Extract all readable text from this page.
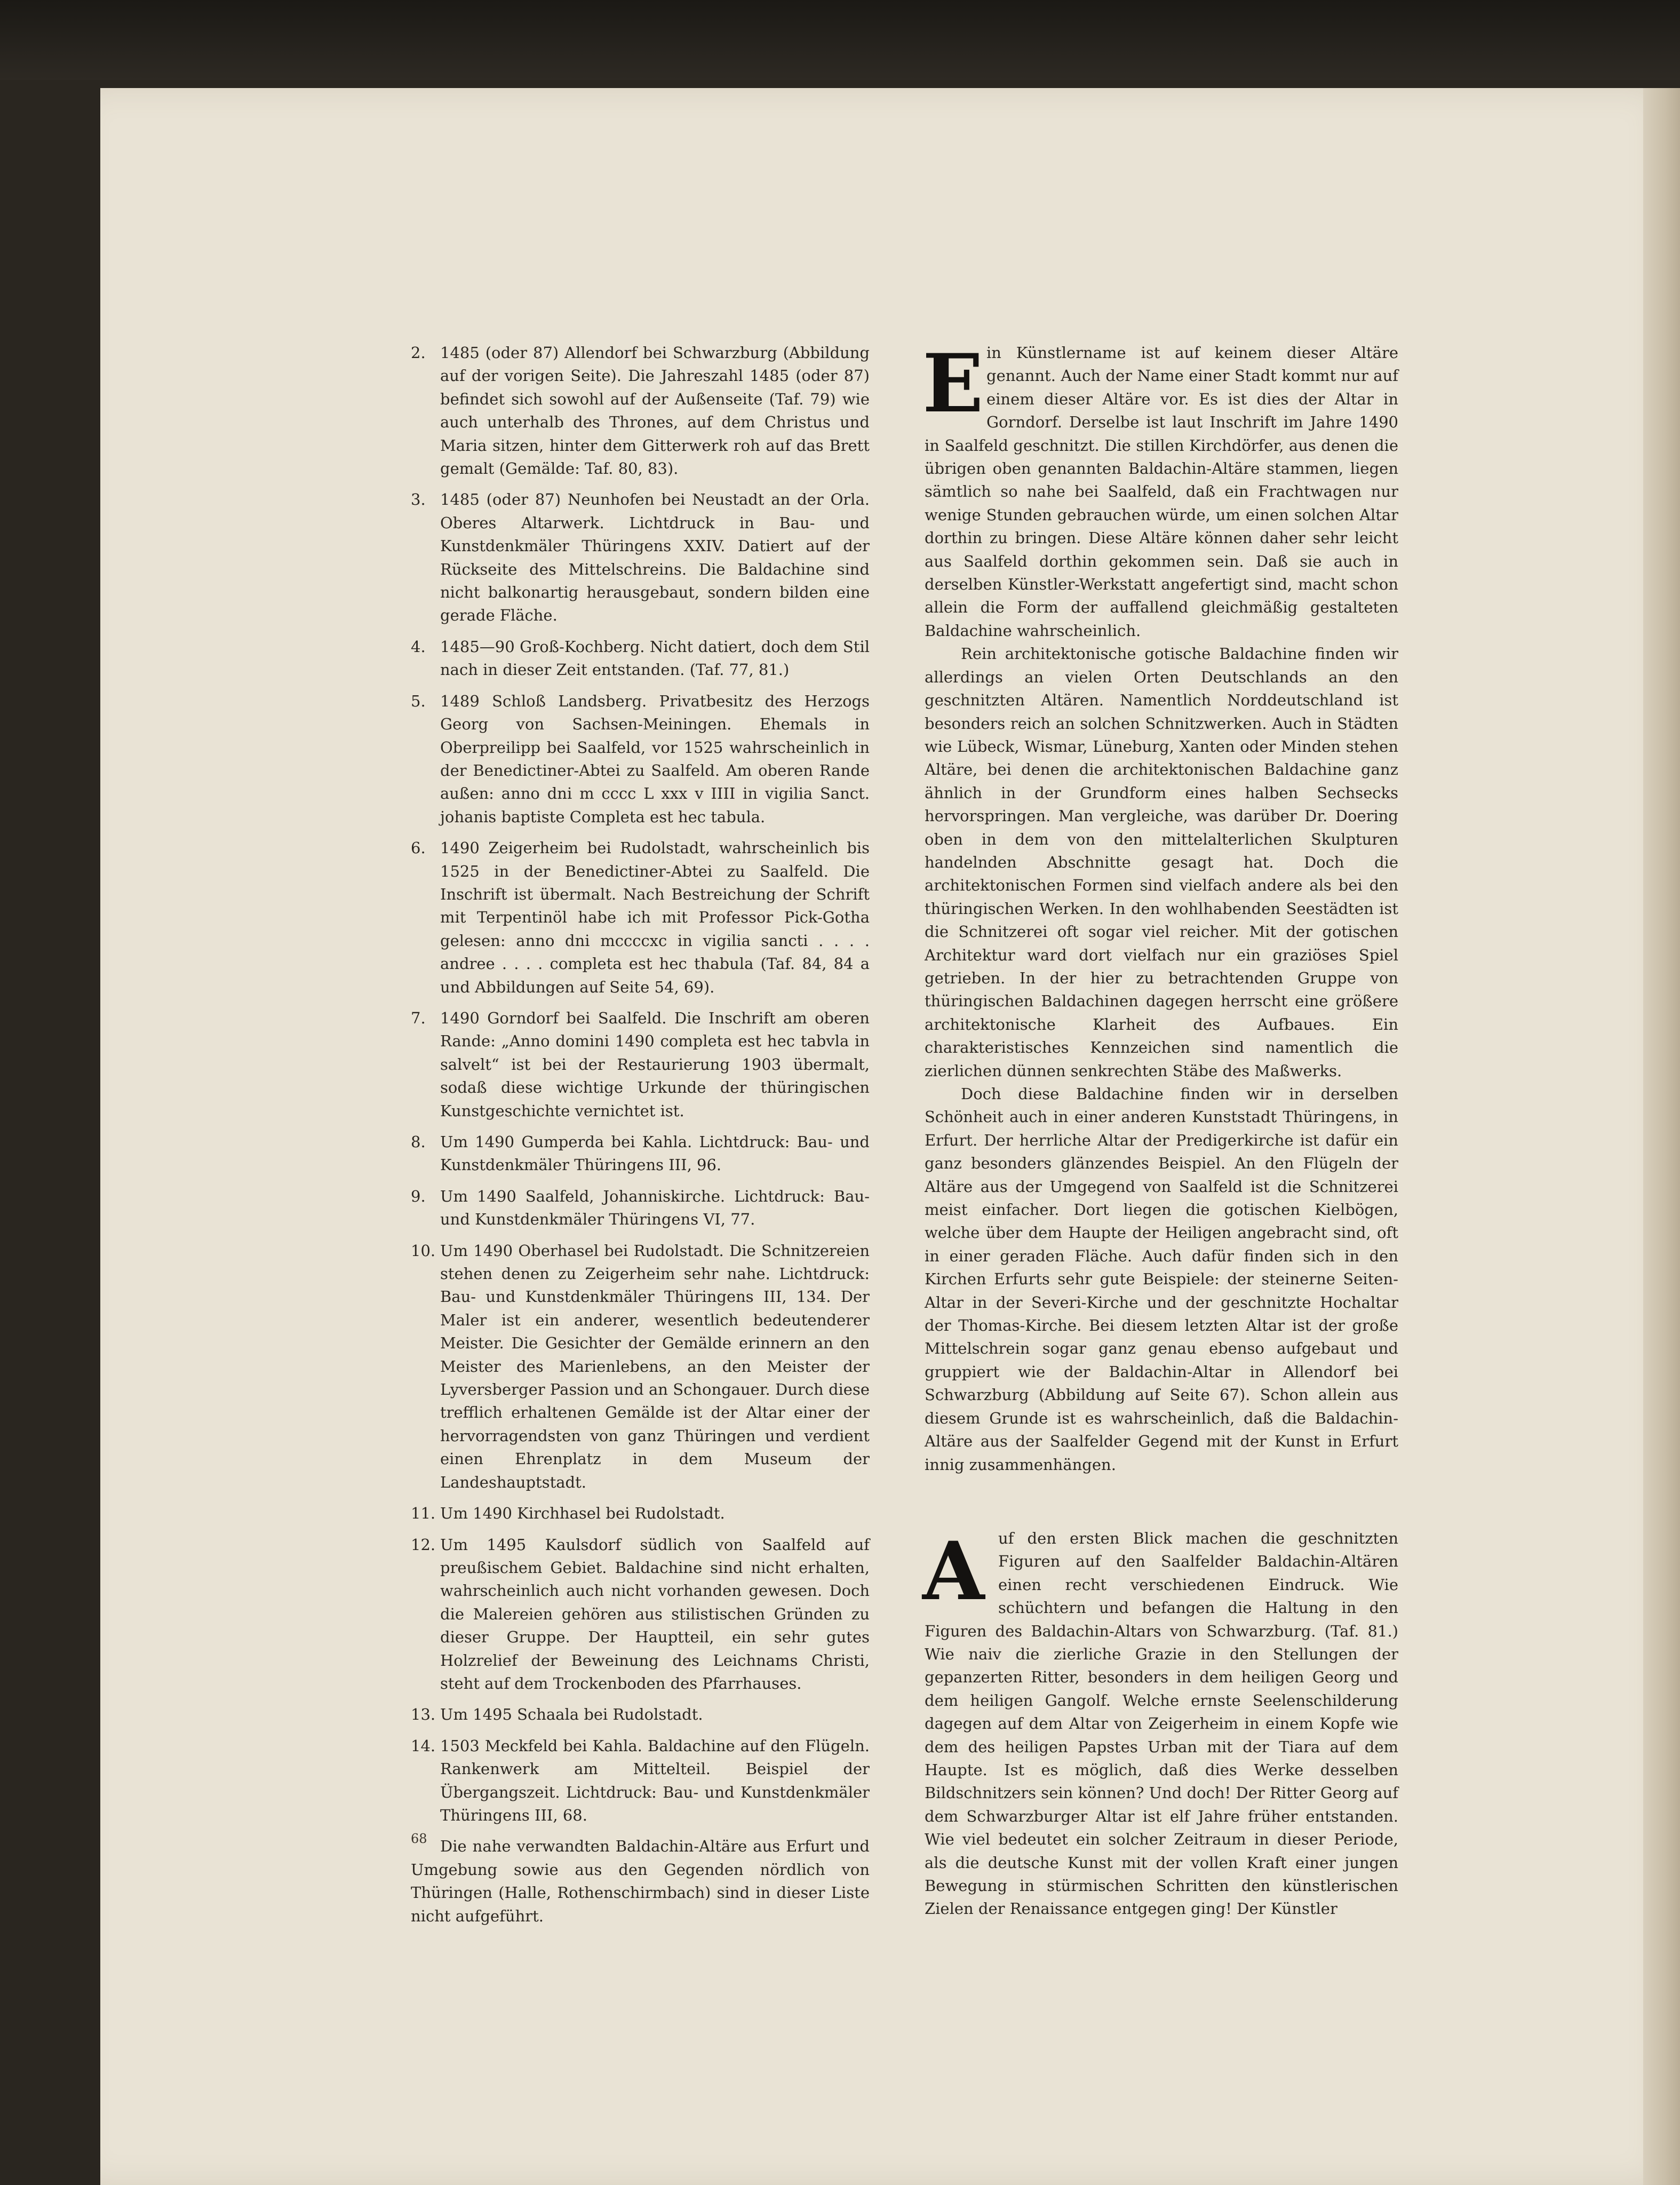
2. 1485 (oder 87) Allendorf bei Schwarzburg (Abbildung auf der vorigen Seite). Die Jahreszahl 1485 (oder 87) befindet sich sowohl auf der Außenseite (Taf. 79) wie auch unterhalb des Thrones, auf dem Christus und Maria sitzen, hinter dem Gitterwerk roh auf das Brett gemalt (Gemälde: Taf. 80, 83).
3. 1485 (oder 87) Neunhofen bei Neustadt an der Orla. Oberes Altarwerk. Lichtdruck in Bau- und Kunstdenkmäler Thüringens XXIV. Datiert auf der Rückseite des Mittelschreins. Die Baldachine sind nicht balkonartig herausgebaut, sondern bilden eine gerade Fläche.
4. 1485—90 Groß-Kochberg. Nicht datiert, doch dem Stil nach in dieser Zeit entstanden. (Taf. 77, 81.)
5. 1489 Schloß Landsberg. Privatbesitz des Herzogs Georg von Sachsen-Meiningen. Ehemals in Oberpreilipp bei Saalfeld, vor 1525 wahrscheinlich in der Benedictiner-Abtei zu Saalfeld. Am oberen Rande außen: anno dni m cccc L xxx v IIII in vigilia Sanct. johanis baptiste Completa est hec tabula.
6. 1490 Zeigerheim bei Rudolstadt, wahrscheinlich bis 1525 in der Benedictiner-Abtei zu Saalfeld. Die Inschrift ist übermalt. Nach Bestreichung der Schrift mit Terpentinöl habe ich mit Professor Pick-Gotha gelesen: anno dni mccccxc in vigilia sancti . . . . andree . . . . completa est hec thabula (Taf. 84, 84 a und Abbildungen auf Seite 54, 69).
7. 1490 Gorndorf bei Saalfeld. Die Inschrift am oberen Rande: „Anno domini 1490 completa est hec tabvla in salvelt“ ist bei der Restaurierung 1903 übermalt, sodaß diese wichtige Urkunde der thüringischen Kunstgeschichte vernichtet ist.
8. Um 1490 Gumperda bei Kahla. Lichtdruck: Bau- und Kunstdenkmäler Thüringens III, 96.
9. Um 1490 Saalfeld, Johanniskirche. Lichtdruck: Bau- und Kunstdenkmäler Thüringens VI, 77.
10. Um 1490 Oberhasel bei Rudolstadt. Die Schnitzereien stehen denen zu Zeigerheim sehr nahe. Lichtdruck: Bau- und Kunstdenkmäler Thüringens III, 134. Der Maler ist ein anderer, wesentlich bedeutenderer Meister. Die Gesichter der Gemälde erinnern an den Meister des Marienlebens, an den Meister der Lyversberger Passion und an Schongauer. Durch diese trefflich erhaltenen Gemälde ist der Altar einer der hervorragendsten von ganz Thüringen und verdient einen Ehrenplatz in dem Museum der Landeshauptstadt.
11. Um 1490 Kirchhasel bei Rudolstadt.
12. Um 1495 Kaulsdorf südlich von Saalfeld auf preußischem Gebiet. Baldachine sind nicht erhalten, wahrscheinlich auch nicht vorhanden gewesen. Doch die Malereien gehören aus stilistischen Gründen zu dieser Gruppe. Der Hauptteil, ein sehr gutes Holzrelief der Beweinung des Leichnams Christi, steht auf dem Trockenboden des Pfarrhauses.
13. Um 1495 Schaala bei Rudolstadt.
14. 1503 Meckfeld bei Kahla. Baldachine auf den Flügeln. Rankenwerk am Mittelteil. Beispiel der Übergangszeit. Lichtdruck: Bau- und Kunstdenkmäler Thüringens III, 68.

Die nahe verwandten Baldachin-Altäre aus Erfurt und Umgebung sowie aus den Gegenden nördlich von Thüringen (Halle, Rothenschirmbach) sind in dieser Liste nicht aufgeführt.

E in Künstlername ist auf keinem dieser Altäre genannt. Auch der Name einer Stadt kommt nur auf einem dieser Altäre vor. Es ist dies der Altar in Gorndorf. Derselbe ist laut Inschrift im Jahre 1490 in Saalfeld geschnitzt. Die stillen Kirchdörfer, aus denen die übrigen oben genannten Baldachin-Altäre stammen, liegen sämtlich so nahe bei Saalfeld, daß ein Frachtwagen nur wenige Stunden gebrauchen würde, um einen solchen Altar dorthin zu bringen. Diese Altäre können daher sehr leicht aus Saalfeld dorthin gekommen sein. Daß sie auch in derselben Künstler-Werkstatt angefertigt sind, macht schon allein die Form der auffallend gleichmäßig gestalteten Baldachine wahrscheinlich.

Rein architektonische gotische Baldachine finden wir allerdings an vielen Orten Deutschlands an den geschnitzten Altären. Namentlich Norddeutschland ist besonders reich an solchen Schnitzwerken. Auch in Städten wie Lübeck, Wismar, Lüneburg, Xanten oder Minden stehen Altäre, bei denen die architektonischen Baldachine ganz ähnlich in der Grundform eines halben Sechsecks hervorspringen. Man vergleiche, was darüber Dr. Doering oben in dem von den mittelalterlichen Skulpturen handelnden Abschnitte gesagt hat. Doch die architektonischen Formen sind vielfach andere als bei den thüringischen Werken. In den wohlhabenden Seestädten ist die Schnitzerei oft sogar viel reicher. Mit der gotischen Architektur ward dort vielfach nur ein graziöses Spiel getrieben. In der hier zu betrachtenden Gruppe von thüringischen Baldachinen dagegen herrscht eine größere architektonische Klarheit des Aufbaues. Ein charakteristisches Kennzeichen sind namentlich die zierlichen dünnen senkrechten Stäbe des Maßwerks.

Doch diese Baldachine finden wir in derselben Schönheit auch in einer anderen Kunststadt Thüringens, in Erfurt. Der herrliche Altar der Predigerkirche ist dafür ein ganz besonders glänzendes Beispiel. An den Flügeln der Altäre aus der Umgegend von Saalfeld ist die Schnitzerei meist einfacher. Dort liegen die gotischen Kielbögen, welche über dem Haupte der Heiligen angebracht sind, oft in einer geraden Fläche. Auch dafür finden sich in den Kirchen Erfurts sehr gute Beispiele: der steinerne Seiten-Altar in der Severi-Kirche und der geschnitzte Hochaltar der Thomas-Kirche. Bei diesem letzten Altar ist der große Mittelschrein sogar ganz genau ebenso aufgebaut und gruppiert wie der Baldachin-Altar in Allendorf bei Schwarzburg (Abbildung auf Seite 67). Schon allein aus diesem Grunde ist es wahrscheinlich, daß die Baldachin-Altäre aus der Saalfelder Gegend mit der Kunst in Erfurt innig zusammenhängen.

A uf den ersten Blick machen die geschnitzten Figuren auf den Saalfelder Baldachin-Altären einen recht verschiedenen Eindruck. Wie schüchtern und befangen die Haltung in den Figuren des Baldachin-Altars von Schwarzburg. (Taf. 81.) Wie naiv die zierliche Grazie in den Stellungen der gepanzerten Ritter, besonders in dem heiligen Georg und dem heiligen Gangolf. Welche ernste Seelenschilderung dagegen auf dem Altar von Zeigerheim in einem Kopfe wie dem des heiligen Papstes Urban mit der Tiara auf dem Haupte. Ist es möglich, daß dies Werke desselben Bildschnitzers sein können? Und doch! Der Ritter Georg auf dem Schwarzburger Altar ist elf Jahre früher entstanden. Wie viel bedeutet ein solcher Zeitraum in dieser Periode, als die deutsche Kunst mit der vollen Kraft einer jungen Bewegung in stürmischen Schritten den künstlerischen Zielen der Renaissance entgegen ging! Der Künstler

68
